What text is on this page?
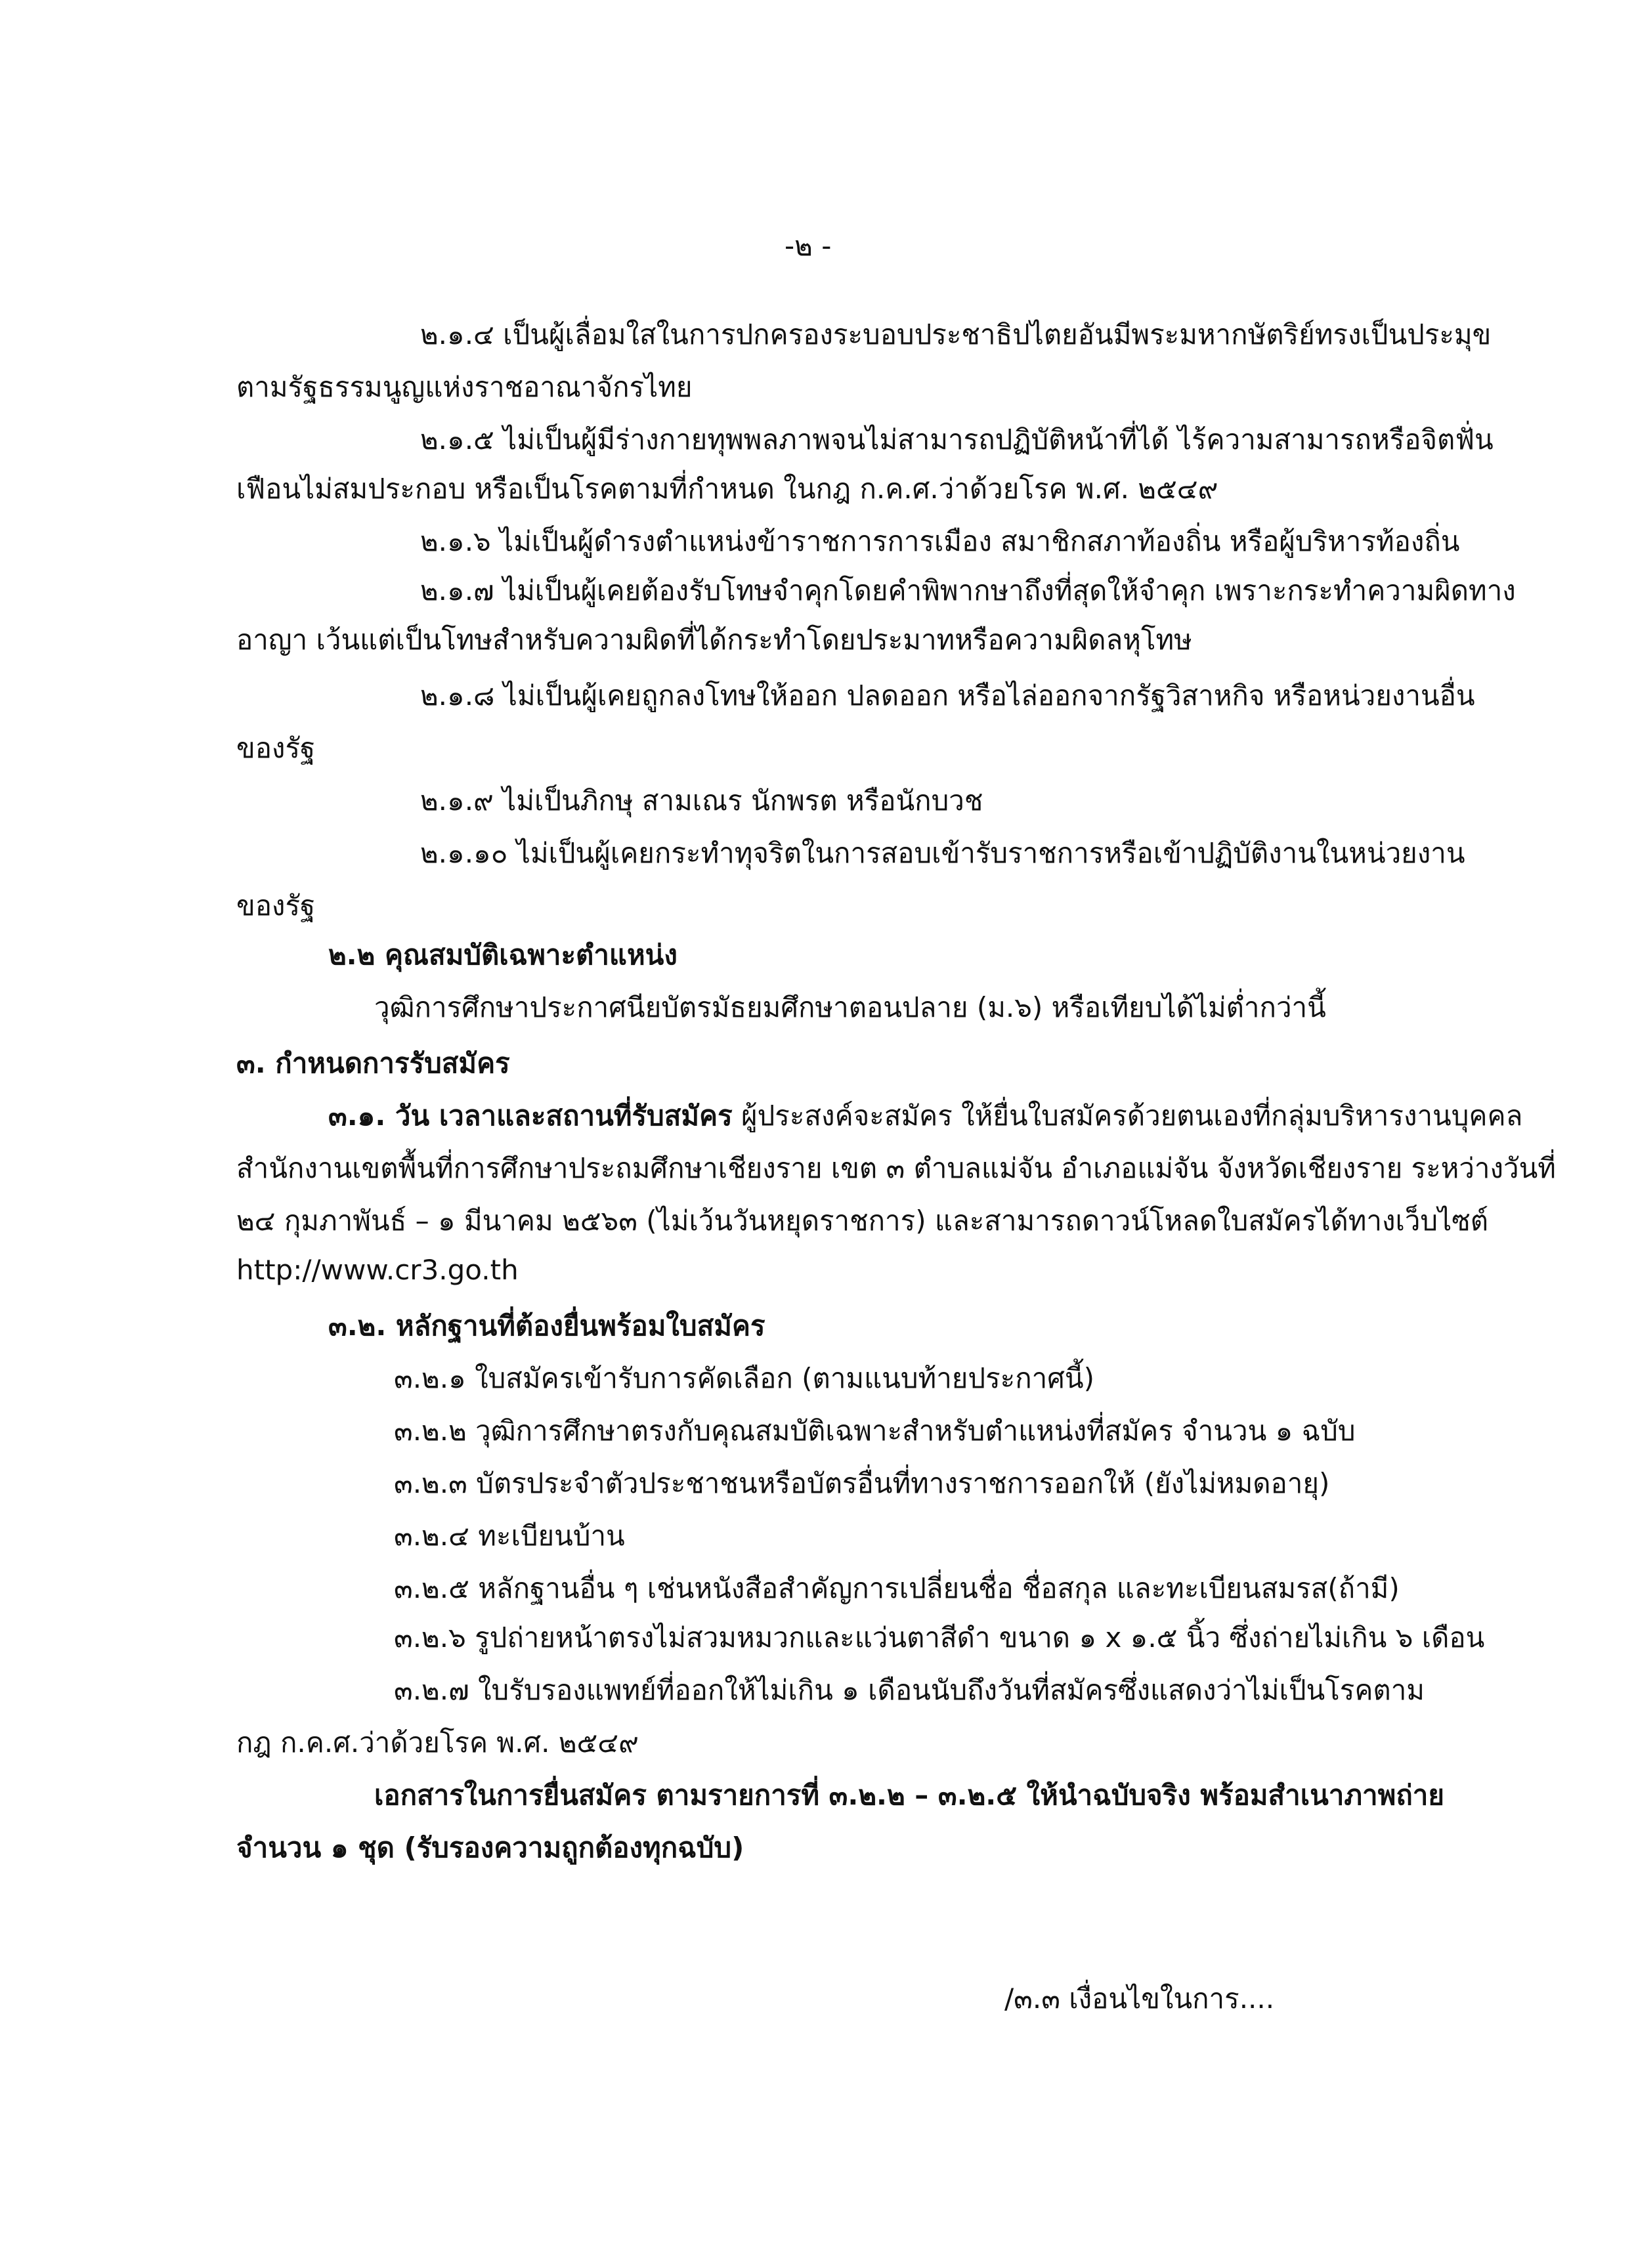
-๒ -

๒.๑.๔ เป็นผู้เลื่อมใสในการปกครองระบอบประชาธิปไตยอันมีพระมหากษัตริย์ทรงเป็นประมุข

ตามรัฐธรรมนูญแห่งราชอาณาจักรไทย

๒.๑.๕ ไม่เป็นผู้มีร่างกายทุพพลภาพจนไม่สามารถปฏิบัติหน้าที่ได้ ไร้ความสามารถหรือจิตฟั่น

เฟือนไม่สมประกอบ หรือเป็นโรคตามที่กำหนด ในกฎ ก.ค.ศ.ว่าด้วยโรค พ.ศ. ๒๕๔๙

๒.๑.๖ ไม่เป็นผู้ดำรงตำแหน่งข้าราชการการเมือง สมาชิกสภาท้องถิ่น หรือผู้บริหารท้องถิ่น

๒.๑.๗ ไม่เป็นผู้เคยต้องรับโทษจำคุกโดยคำพิพากษาถึงที่สุดให้จำคุก เพราะกระทำความผิดทาง

อาญา เว้นแต่เป็นโทษสำหรับความผิดที่ได้กระทำโดยประมาทหรือความผิดลหุโทษ

๒.๑.๘ ไม่เป็นผู้เคยถูกลงโทษให้ออก ปลดออก หรือไล่ออกจากรัฐวิสาหกิจ หรือหน่วยงานอื่น

ของรัฐ

๒.๑.๙ ไม่เป็นภิกษุ สามเณร นักพรต หรือนักบวช

๒.๑.๑๐ ไม่เป็นผู้เคยกระทำทุจริตในการสอบเข้ารับราชการหรือเข้าปฏิบัติงานในหน่วยงาน

ของรัฐ

๒.๒ คุณสมบัติเฉพาะตำแหน่ง

วุฒิการศึกษาประกาศนียบัตรมัธยมศึกษาตอนปลาย (ม.๖) หรือเทียบได้ไม่ต่ำกว่านี้

๓. กำหนดการรับสมัคร

๓.๑. วัน เวลาและสถานที่รับสมัคร ผู้ประสงค์จะสมัคร ให้ยื่นใบสมัครด้วยตนเองที่กลุ่มบริหารงานบุคคล

สำนักงานเขตพื้นที่การศึกษาประถมศึกษาเชียงราย เขต ๓ ตำบลแม่จัน อำเภอแม่จัน จังหวัดเชียงราย ระหว่างวันที่

๒๔ กุมภาพันธ์ – ๑ มีนาคม ๒๕๖๓ (ไม่เว้นวันหยุดราชการ) และสามารถดาวน์โหลดใบสมัครได้ทางเว็บไซต์

http://www.cr3.go.th

๓.๒. หลักฐานที่ต้องยื่นพร้อมใบสมัคร

๓.๒.๑ ใบสมัครเข้ารับการคัดเลือก (ตามแนบท้ายประกาศนี้)

๓.๒.๒ วุฒิการศึกษาตรงกับคุณสมบัติเฉพาะสำหรับตำแหน่งที่สมัคร จำนวน ๑ ฉบับ

๓.๒.๓ บัตรประจำตัวประชาชนหรือบัตรอื่นที่ทางราชการออกให้ (ยังไม่หมดอายุ)

๓.๒.๔ ทะเบียนบ้าน

๓.๒.๕ หลักฐานอื่น ๆ เช่นหนังสือสำคัญการเปลี่ยนชื่อ ชื่อสกุล และทะเบียนสมรส(ถ้ามี)

๓.๒.๖ รูปถ่ายหน้าตรงไม่สวมหมวกและแว่นตาสีดำ ขนาด ๑ x ๑.๕ นิ้ว ซึ่งถ่ายไม่เกิน ๖ เดือน

๓.๒.๗ ใบรับรองแพทย์ที่ออกให้ไม่เกิน ๑ เดือนนับถึงวันที่สมัครซึ่งแสดงว่าไม่เป็นโรคตาม

กฎ ก.ค.ศ.ว่าด้วยโรค พ.ศ. ๒๕๔๙

เอกสารในการยื่นสมัคร ตามรายการที่ ๓.๒.๒ – ๓.๒.๕ ให้นำฉบับจริง พร้อมสำเนาภาพถ่าย

จำนวน ๑ ชุด (รับรองความถูกต้องทุกฉบับ)

/๓.๓ เงื่อนไขในการ....
